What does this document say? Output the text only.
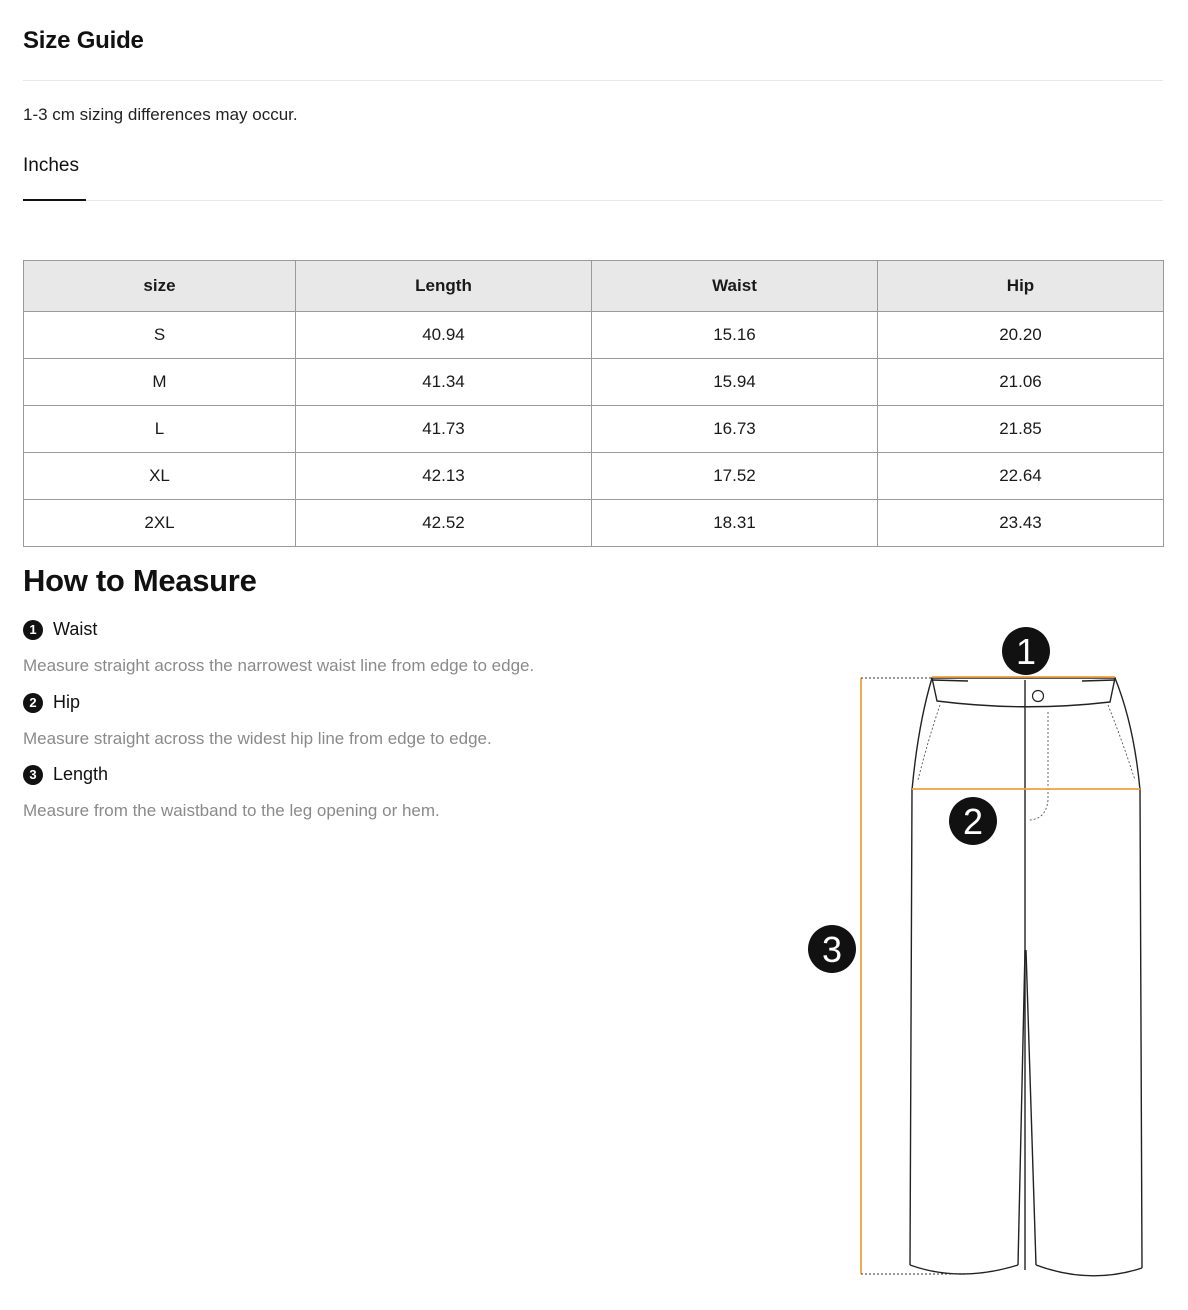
Size Guide
1-3 cm sizing differences may occur.
Inches
size	Length	Waist	Hip
S	40.94	15.16	20.20
M	41.34	15.94	21.06
L	41.73	16.73	21.85
XL	42.13	17.52	22.64
2XL	42.52	18.31	23.43
How to Measure
1 Waist
Measure straight across the narrowest waist line from edge to edge.
2 Hip
Measure straight across the widest hip line from edge to edge.
3 Length
Measure from the waistband to the leg opening or hem.
1
2
3
